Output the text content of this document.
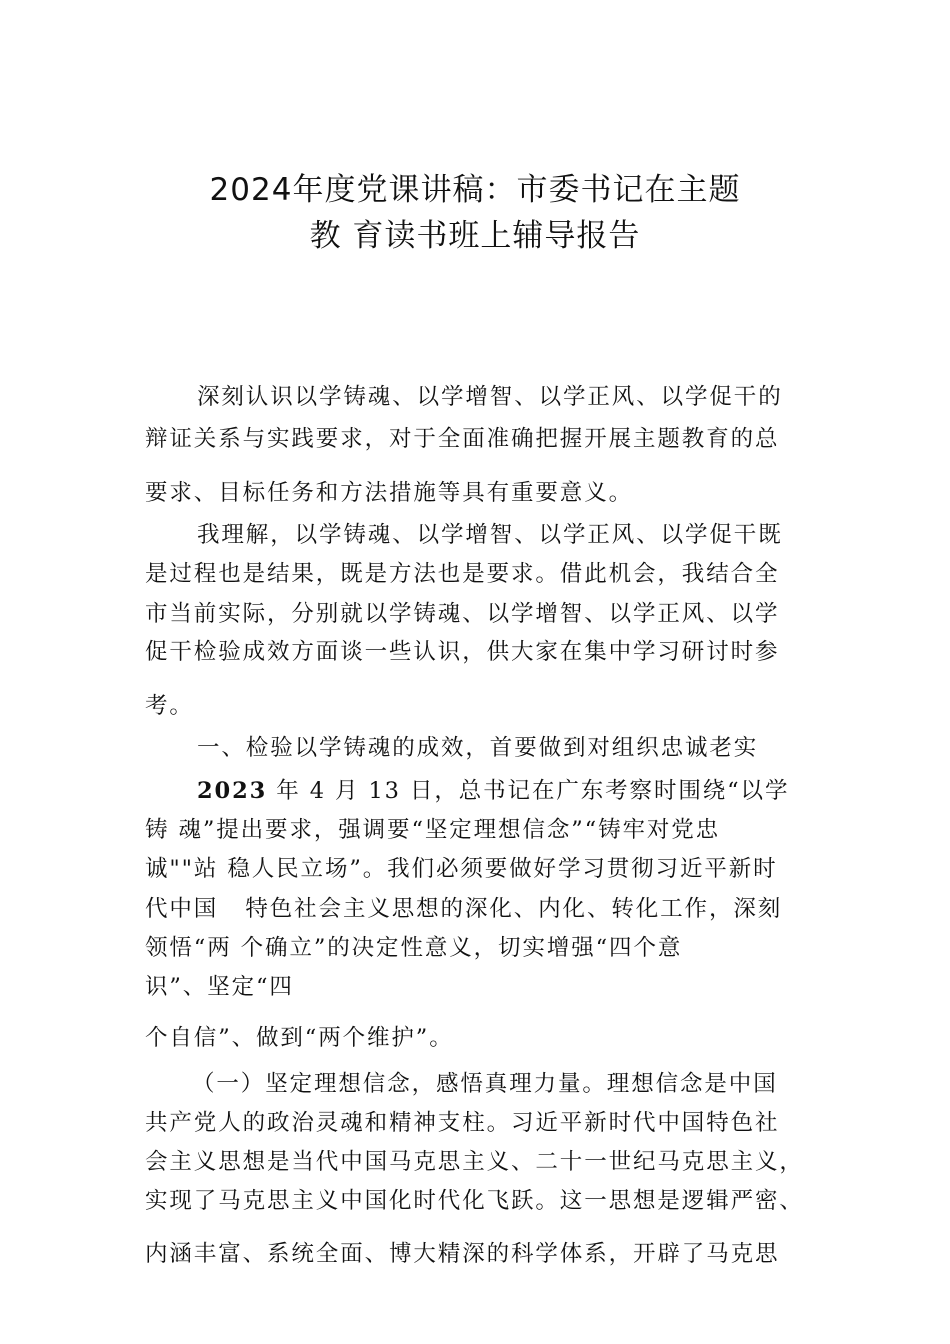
2024年度党课讲稿：市委书记在主题
教 育读书班上辅导报告
深刻认识以学铸魂、以学增智、以学正风、以学促干的
辩证关系与实践要求，对于全面准确把握开展主题教育的总
要求、目标任务和方法措施等具有重要意义。
我理解，以学铸魂、以学增智、以学正风、以学促干既
是过程也是结果，既是方法也是要求。借此机会，我结合全
市当前实际，分别就以学铸魂、以学增智、以学正风、以学
促干检验成效方面谈一些认识，供大家在集中学习研讨时参
考。
一、检验以学铸魂的成效，首要做到对组织忠诚老实
2023 年 4 月 13 日，总书记在广东考察时围绕“以学
铸 魂”提出要求，强调要“坚定理想信念”“铸牢对党忠
诚""站 稳人民立场”。我们必须要做好学习贯彻习近平新时
代中国   特色社会主义思想的深化、内化、转化工作，深刻
领悟“两 个确立”的决定性意义，切实增强“四个意
识”、坚定“四
个自信”、做到“两个维护”。
（一）坚定理想信念，感悟真理力量。理想信念是中国
共产党人的政治灵魂和精神支柱。习近平新时代中国特色社
会主义思想是当代中国马克思主义、二十一世纪马克思主义，
实现了马克思主义中国化时代化飞跃。这一思想是逻辑严密、
内涵丰富、系统全面、博大精深的科学体系，开辟了马克思
